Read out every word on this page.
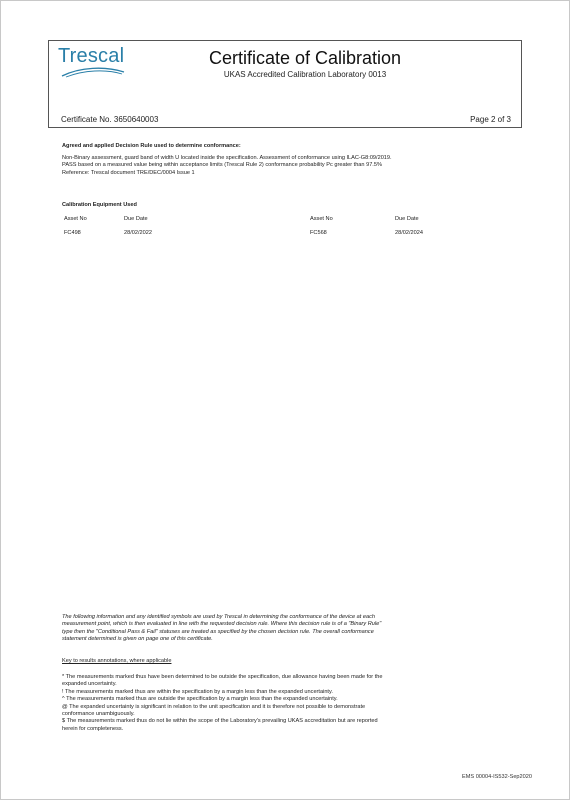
Trescal	Certificate of Calibration
UKAS Accredited Calibration Laboratory 0013
Certificate No. 3650640003	Page 2 of 3
Agreed and applied Decision Rule used to determine conformance:
Non-Binary assessment, guard band of width U located inside the specification. Assessment of conformance using ILAC-G8:09/2019.
PASS based on a measured value being within acceptance limits (Trescal Rule 2) conformance probability Pc greater than 97.5%
Reference: Trescal document TRE/DEC/0004 Issue 1
Calibration Equipment Used
Asset No	Due Date	Asset No	Due Date
FC498	28/02/2022	FC568	28/02/2024
The following information and any identified symbols are used by Trescal in determining the conformance of the device at each
measurement point, which is then evaluated in line with the requested decision rule. Where this decision rule is of a "Binary Rule"
type then the "Conditional Pass & Fail" statuses are treated as specified by the chosen decision rule. The overall conformance
statement determined is given on page one of this certificate.
Key to results annotations, where applicable
* The measurements marked thus have been determined to be outside the specification, due allowance having been made for the
expanded uncertainty.
! The measurements marked thus are within the specification by a margin less than the expanded uncertainty.
^ The measurements marked thus are outside the specification by a margin less than the expanded uncertainty.
@ The expanded uncertainty is significant in relation to the unit specification and it is therefore not possible to demonstrate
conformance unambiguously.
$ The measurements marked thus do not lie within the scope of the Laboratory's prevailing UKAS accreditation but are reported
herein for completeness.
EMS 00004-IS532-Sep2020
